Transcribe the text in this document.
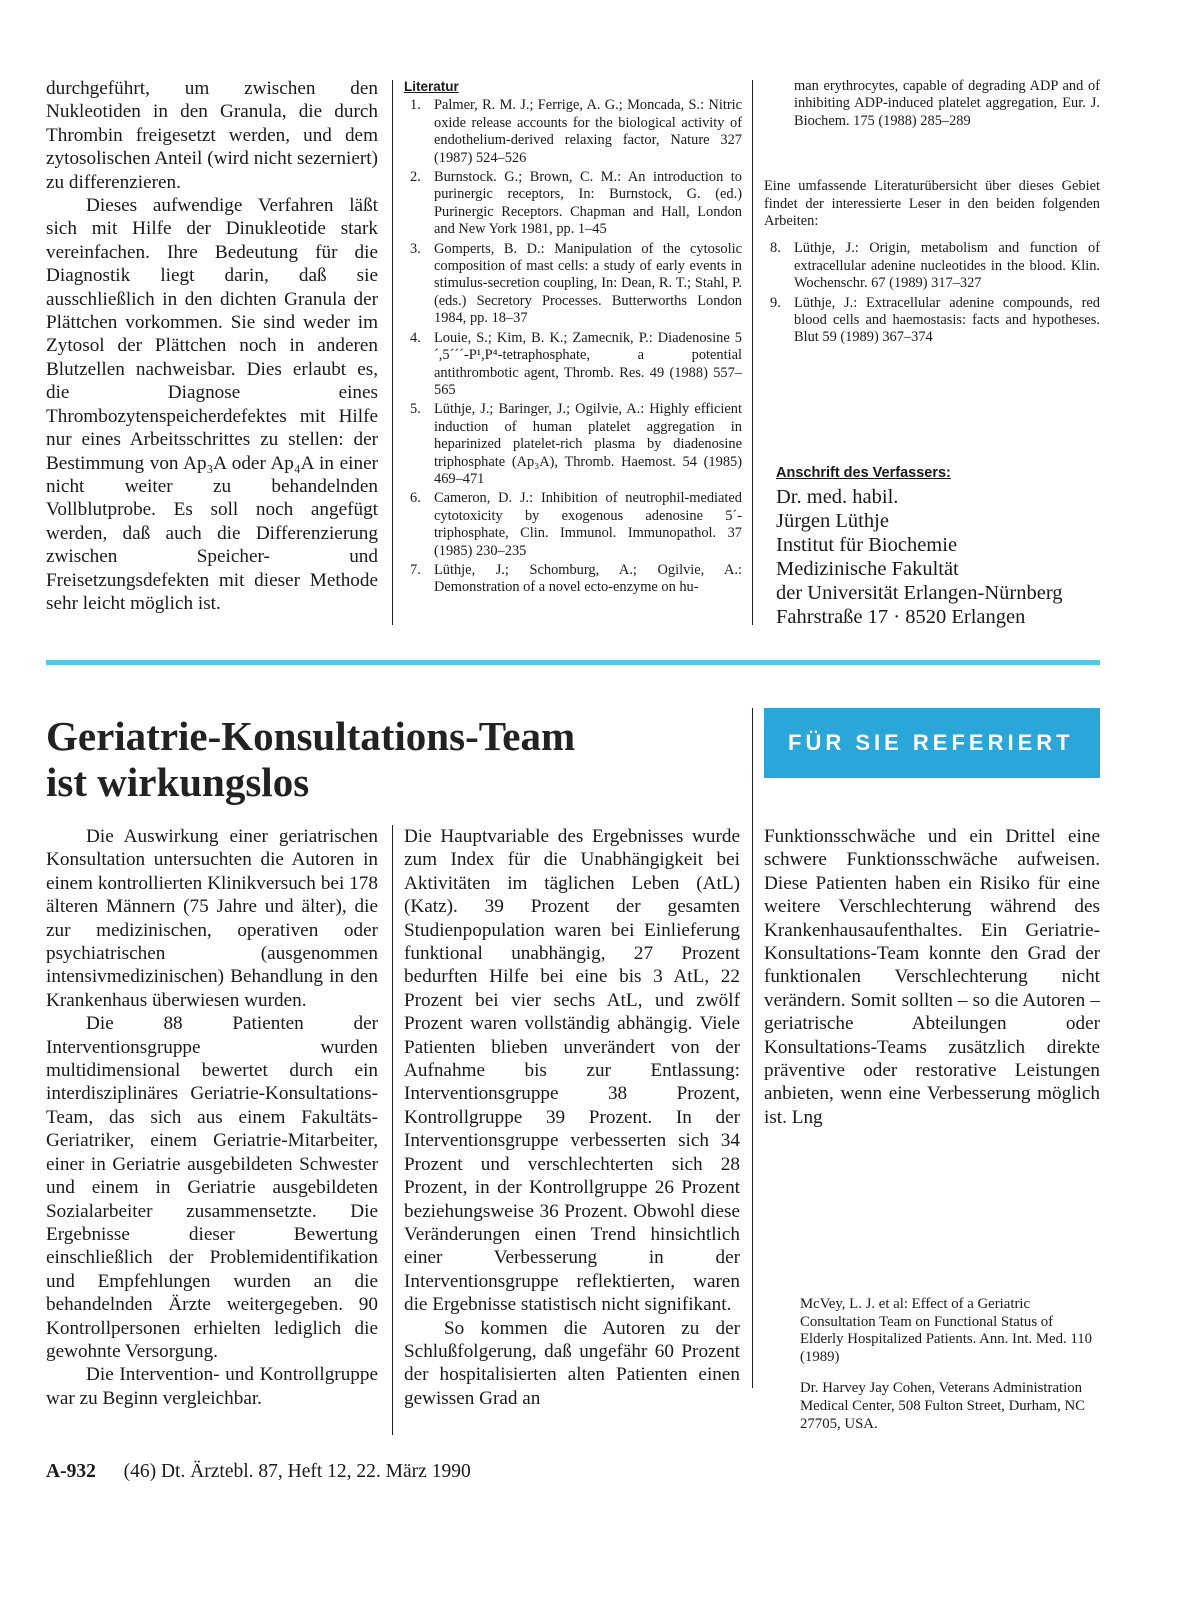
durchgeführt, um zwischen den Nukleotiden in den Granula, die durch Thrombin freigesetzt werden, und dem zytosolischen Anteil (wird nicht sezerniert) zu differenzieren.

Dieses aufwendige Verfahren läßt sich mit Hilfe der Dinukleotide stark vereinfachen. Ihre Bedeutung für die Diagnostik liegt darin, daß sie ausschließlich in den dichten Granula der Plättchen vorkommen. Sie sind weder im Zytosol der Plättchen noch in anderen Blutzellen nachweisbar. Dies erlaubt es, die Diagnose eines Thrombozytenspeicherdefektes mit Hilfe nur eines Arbeitsschrittes zu stellen: der Bestimmung von Ap₃A oder Ap₄A in einer nicht weiter zu behandelnden Vollblutprobe. Es soll noch angefügt werden, daß auch die Differenzierung zwischen Speicher- und Freisetzungsdefekten mit dieser Methode sehr leicht möglich ist.

Literatur
1. Palmer, R. M. J.; Ferrige, A. G.; Moncada, S.: Nitric oxide release accounts for the biological activity of endothelium-derived relaxing factor, Nature 327 (1987) 524–526
2. Burnstock. G.; Brown, C. M.: An introduction to purinergic receptors, In: Burnstock, G. (ed.) Purinergic Receptors. Chapman and Hall, London and New York 1981, pp. 1–45
3. Gomperts, B. D.: Manipulation of the cytosolic composition of mast cells: a study of early events in stimulus-secretion coupling, In: Dean, R. T.; Stahl, P. (eds.) Secretory Processes. Butterworths London 1984, pp. 18–37
4. Louie, S.; Kim, B. K.; Zamecnik, P.: Diadenosine 5´,5´´´-P¹,P⁴-tetraphosphate, a potential antithrombotic agent, Thromb. Res. 49 (1988) 557–565
5. Lüthje, J.; Baringer, J.; Ogilvie, A.: Highly efficient induction of human platelet aggregation in heparinized platelet-rich plasma by diadenosine triphosphate (Ap₃A), Thromb. Haemost. 54 (1985) 469–471
6. Cameron, D. J.: Inhibition of neutrophil-mediated cytotoxicity by exogenous adenosine 5´-triphosphate, Clin. Immunol. Immunopathol. 37 (1985) 230–235
7. Lüthje, J.; Schomburg, A.; Ogilvie, A.: Demonstration of a novel ecto-enzyme on hu-
man erythrocytes, capable of degrading ADP and of inhibiting ADP-induced platelet aggregation, Eur. J. Biochem. 175 (1988) 285–289
Eine umfassende Literaturübersicht über dieses Gebiet findet der interessierte Leser in den beiden folgenden Arbeiten:
8. Lüthje, J.: Origin, metabolism and function of extracellular adenine nucleotides in the blood. Klin. Wochenschr. 67 (1989) 317–327
9. Lüthje, J.: Extracellular adenine compounds, red blood cells and haemostasis: facts and hypotheses. Blut 59 (1989) 367–374
Anschrift des Verfassers:
Dr. med. habil.
Jürgen Lüthje
Institut für Biochemie
Medizinische Fakultät
der Universität Erlangen-Nürnberg
Fahrstraße 17 · 8520 Erlangen
Geriatrie-Konsultations-Team
ist wirkungslos
FÜR SIE REFERIERT

Die Auswirkung einer geriatrischen Konsultation untersuchten die Autoren in einem kontrollierten Klinikversuch bei 178 älteren Männern (75 Jahre und älter), die zur medizinischen, operativen oder psychiatrischen (ausgenommen intensivmedizinischen) Behandlung in den Krankenhaus überwiesen wurden.

Die 88 Patienten der Interventionsgruppe wurden multidimensional bewertet durch ein interdisziplinäres Geriatrie-Konsultations-Team, das sich aus einem Fakultäts-Geriatriker, einem Geriatrie-Mitarbeiter, einer in Geriatrie ausgebildeten Schwester und einem in Geriatrie ausgebildeten Sozialarbeiter zusammensetzte. Die Ergebnisse dieser Bewertung einschließlich der Problemidentifikation und Empfehlungen wurden an die behandelnden Ärzte weitergegeben. 90 Kontrollpersonen erhielten lediglich die gewohnte Versorgung.

Die Intervention- und Kontrollgruppe war zu Beginn vergleichbar.

Die Hauptvariable des Ergebnisses wurde zum Index für die Unabhängigkeit bei Aktivitäten im täglichen Leben (AtL) (Katz). 39 Prozent der gesamten Studienpopulation waren bei Einlieferung funktional unabhängig, 27 Prozent bedurften Hilfe bei eine bis 3 AtL, 22 Prozent bei vier sechs AtL, und zwölf Prozent waren vollständig abhängig. Viele Patienten blieben unverändert von der Aufnahme bis zur Entlassung: Interventionsgruppe 38 Prozent, Kontrollgruppe 39 Prozent. In der Interventionsgruppe verbesserten sich 34 Prozent und verschlechterten sich 28 Prozent, in der Kontrollgruppe 26 Prozent beziehungsweise 36 Prozent. Obwohl diese Veränderungen einen Trend hinsichtlich einer Verbesserung in der Interventionsgruppe reflektierten, waren die Ergebnisse statistisch nicht signifikant.

So kommen die Autoren zu der Schlußfolgerung, daß ungefähr 60 Prozent der hospitalisierten alten Patienten einen gewissen Grad an

Funktionsschwäche und ein Drittel eine schwere Funktionsschwäche aufweisen. Diese Patienten haben ein Risiko für eine weitere Verschlechterung während des Krankenhausaufenthaltes. Ein Geriatrie-Konsultations-Team konnte den Grad der funktionalen Verschlechterung nicht verändern. Somit sollten – so die Autoren – geriatrische Abteilungen oder Konsultations-Teams zusätzlich direkte präventive oder restorative Leistungen anbieten, wenn eine Verbesserung möglich ist. Lng

McVey, L. J. et al: Effect of a Geriatric Consultation Team on Functional Status of Elderly Hospitalized Patients. Ann. Int. Med. 110 (1989)

Dr. Harvey Jay Cohen, Veterans Administration Medical Center, 508 Fulton Street, Durham, NC 27705, USA.

A-932 (46) Dt. Ärztebl. 87, Heft 12, 22. März 1990
